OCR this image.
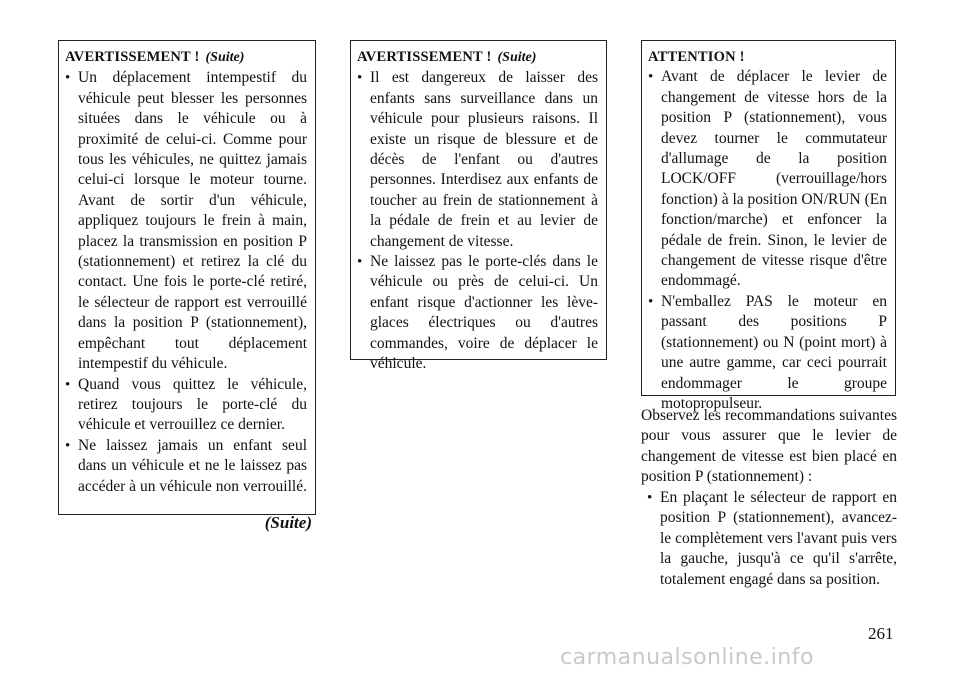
AVERTISSEMENT ! (Suite)
• Un déplacement intempestif du véhicule peut blesser les personnes situées dans le véhicule ou à proximité de celui-ci. Comme pour tous les véhicules, ne quittez jamais celui-ci lorsque le moteur tourne. Avant de sortir d'un véhicule, appliquez toujours le frein à main, placez la transmission en position P (stationnement) et retirez la clé du contact. Une fois le porte-clé retiré, le sélecteur de rapport est verrouillé dans la position P (stationnement), empêchant tout déplacement intempestif du véhicule.
• Quand vous quittez le véhicule, retirez toujours le porte-clé du véhicule et verrouillez ce dernier.
• Ne laissez jamais un enfant seul dans un véhicule et ne le laissez pas accéder à un véhicule non verrouillé.
(Suite)
AVERTISSEMENT ! (Suite)
• Il est dangereux de laisser des enfants sans surveillance dans un véhicule pour plusieurs raisons. Il existe un risque de blessure et de décès de l'enfant ou d'autres personnes. Interdisez aux enfants de toucher au frein de stationnement à la pédale de frein et au levier de changement de vitesse.
• Ne laissez pas le porte-clés dans le véhicule ou près de celui-ci. Un enfant risque d'actionner les lève-glaces électriques ou d'autres commandes, voire de déplacer le véhicule.
ATTENTION !
• Avant de déplacer le levier de changement de vitesse hors de la position P (stationnement), vous devez tourner le commutateur d'allumage de la position LOCK/OFF (verrouillage/hors fonction) à la position ON/RUN (En fonction/marche) et enfoncer la pédale de frein. Sinon, le levier de changement de vitesse risque d'être endommagé.
• N'emballez PAS le moteur en passant des positions P (stationnement) ou N (point mort) à une autre gamme, car ceci pourrait endommager le groupe motopropulseur.
Observez les recommandations suivantes pour vous assurer que le levier de changement de vitesse est bien placé en position P (stationnement) :
• En plaçant le sélecteur de rapport en position P (stationnement), avancez-le complètement vers l'avant puis vers la gauche, jusqu'à ce qu'il s'arrête, totalement engagé dans sa position.
261
carmanualsonline.info
